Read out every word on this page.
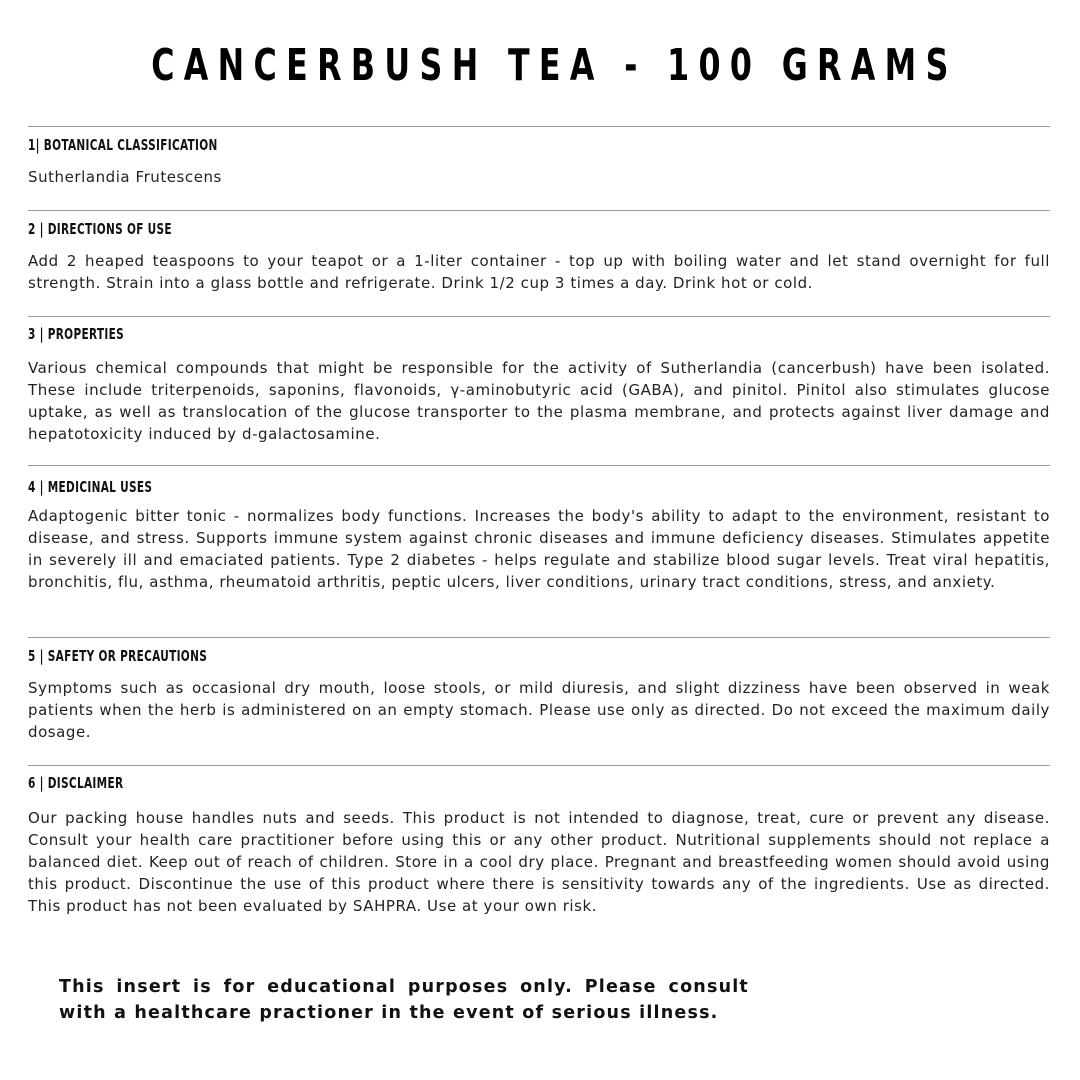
CANCERBUSH TEA - 100 GRAMS
1| BOTANICAL CLASSIFICATION
Sutherlandia Frutescens
2 | DIRECTIONS OF USE
Add 2 heaped teaspoons to your teapot or a 1-liter container - top up with boiling water and let stand overnight for full strength. Strain into a glass bottle and refrigerate. Drink 1/2 cup 3 times a day. Drink hot or cold.
3 | PROPERTIES
Various chemical compounds that might be responsible for the activity of Sutherlandia (cancerbush) have been isolated. These include triterpenoids, saponins, flavonoids, γ-aminobutyric acid (GABA), and pinitol. Pinitol also stimulates glucose uptake, as well as translocation of the glucose transporter to the plasma membrane, and protects against liver damage and hepatotoxicity induced by d-galactosamine.
4 | MEDICINAL USES
Adaptogenic bitter tonic - normalizes body functions. Increases the body's ability to adapt to the environment, resistant to disease, and stress. Supports immune system against chronic diseases and immune deficiency diseases. Stimulates appetite in severely ill and emaciated patients. Type 2 diabetes - helps regulate and stabilize blood sugar levels. Treat viral hepatitis, bronchitis, flu, asthma, rheumatoid arthritis, peptic ulcers, liver conditions, urinary tract conditions, stress, and anxiety.
5 | SAFETY OR PRECAUTIONS
Symptoms such as occasional dry mouth, loose stools, or mild diuresis, and slight dizziness have been observed in weak patients when the herb is administered on an empty stomach. Please use only as directed. Do not exceed the maximum daily dosage.
6 | DISCLAIMER
Our packing house handles nuts and seeds. This product is not intended to diagnose, treat, cure or prevent any disease. Consult your health care practitioner before using this or any other product. Nutritional supplements should not replace a balanced diet. Keep out of reach of children. Store in a cool dry place. Pregnant and breastfeeding women should avoid using this product. Discontinue the use of this product where there is sensitivity towards any of the ingredients. Use as directed. This product has not been evaluated by SAHPRA. Use at your own risk.
This insert is for educational purposes only. Please consult with a healthcare practioner in the event of serious illness.
